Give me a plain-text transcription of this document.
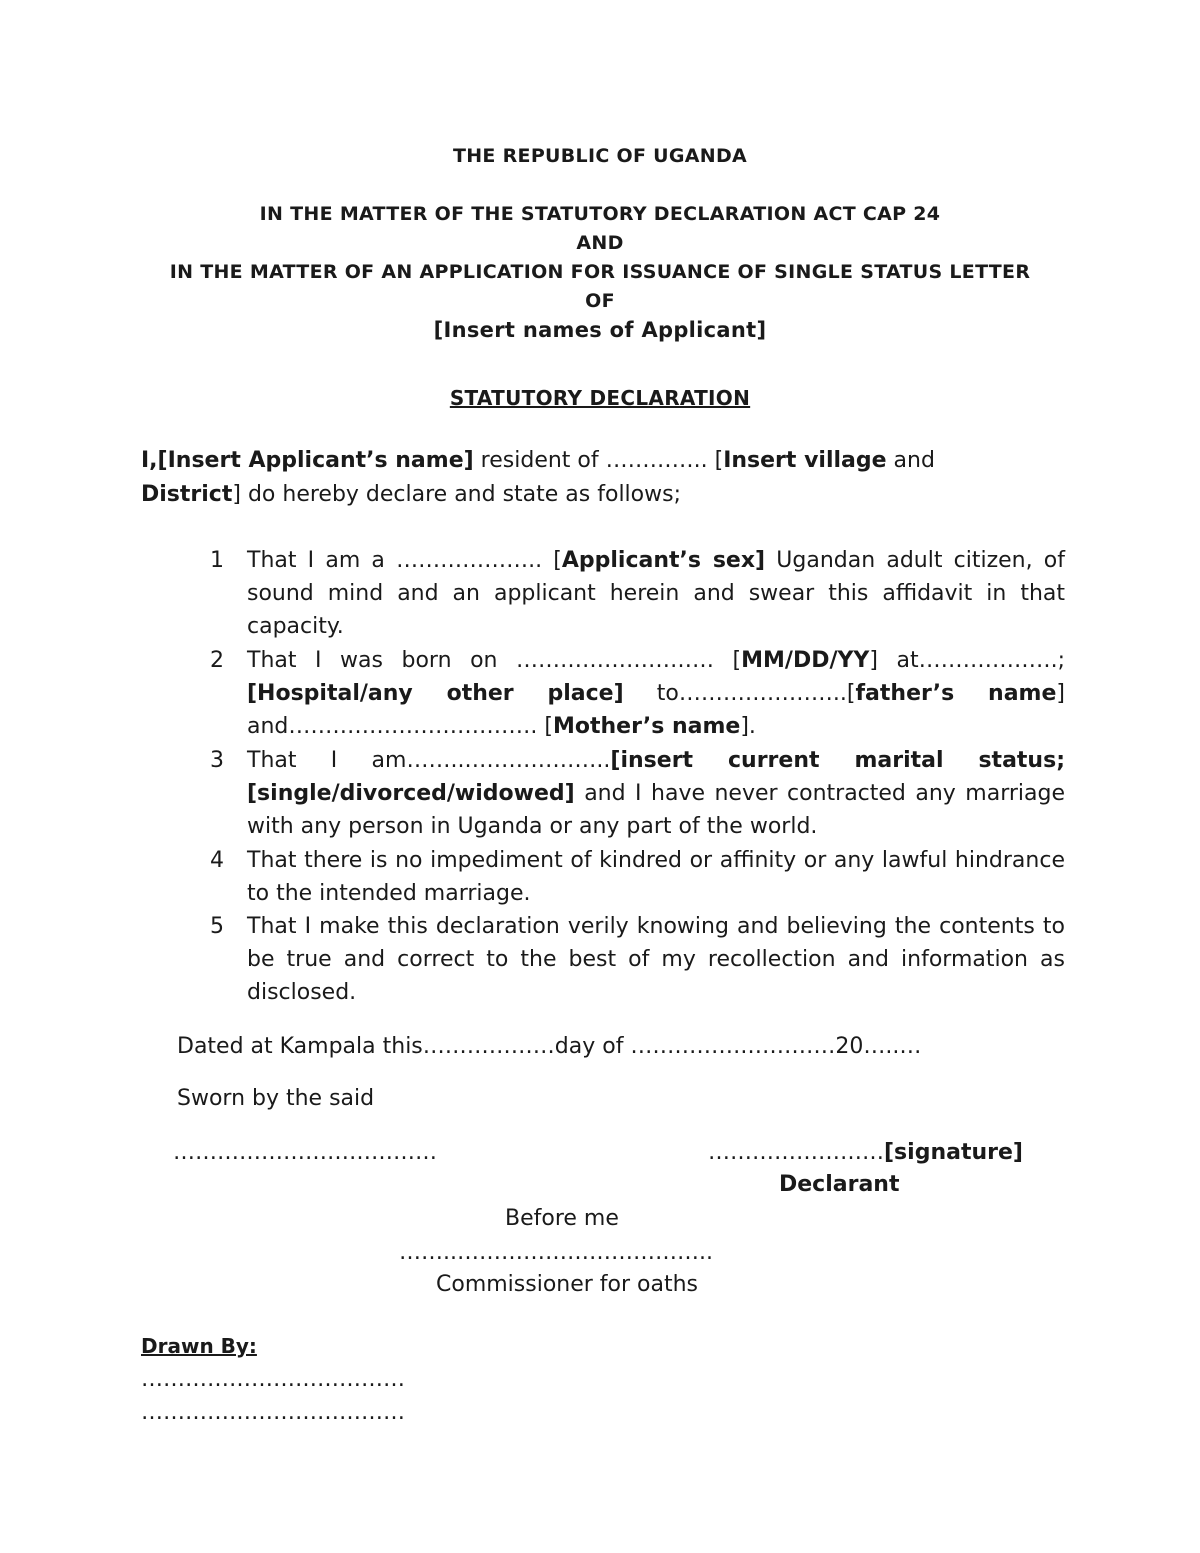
THE REPUBLIC OF UGANDA
IN THE MATTER OF THE STATUTORY DECLARATION ACT CAP 24
AND
IN THE MATTER OF AN APPLICATION FOR ISSUANCE OF SINGLE STATUS LETTER
OF
[Insert names of Applicant]
STATUTORY DECLARATION
I,[Insert Applicant’s name] resident of ………….. [Insert village and District] do hereby declare and state as follows;
1 That I am a ……………….. [Applicant’s sex] Ugandan adult citizen, of sound mind and an applicant herein and swear this affidavit in that capacity.
2 That I was born on ……………………… [MM/DD/YY] at……………….; [Hospital/any other place] to…………………..[father’s name] and……………………………. [Mother’s name].
3 That I am……..………………..[insert current marital status; [single/divorced/widowed] and I have never contracted any marriage with any person in Uganda or any part of the world.
4 That there is no impediment of kindred or affinity or any lawful hindrance to the intended marriage.
5 That I make this declaration verily knowing and believing the contents to be true and correct to the best of my recollection and information as disclosed.
Dated at Kampala this………………day of …………….…………20…..…
Sworn by the said
………………………………	……………………[signature]
Declarant
Before me
……..……………………………..
Commissioner for oaths
Drawn By:
………………………………
………………………………
